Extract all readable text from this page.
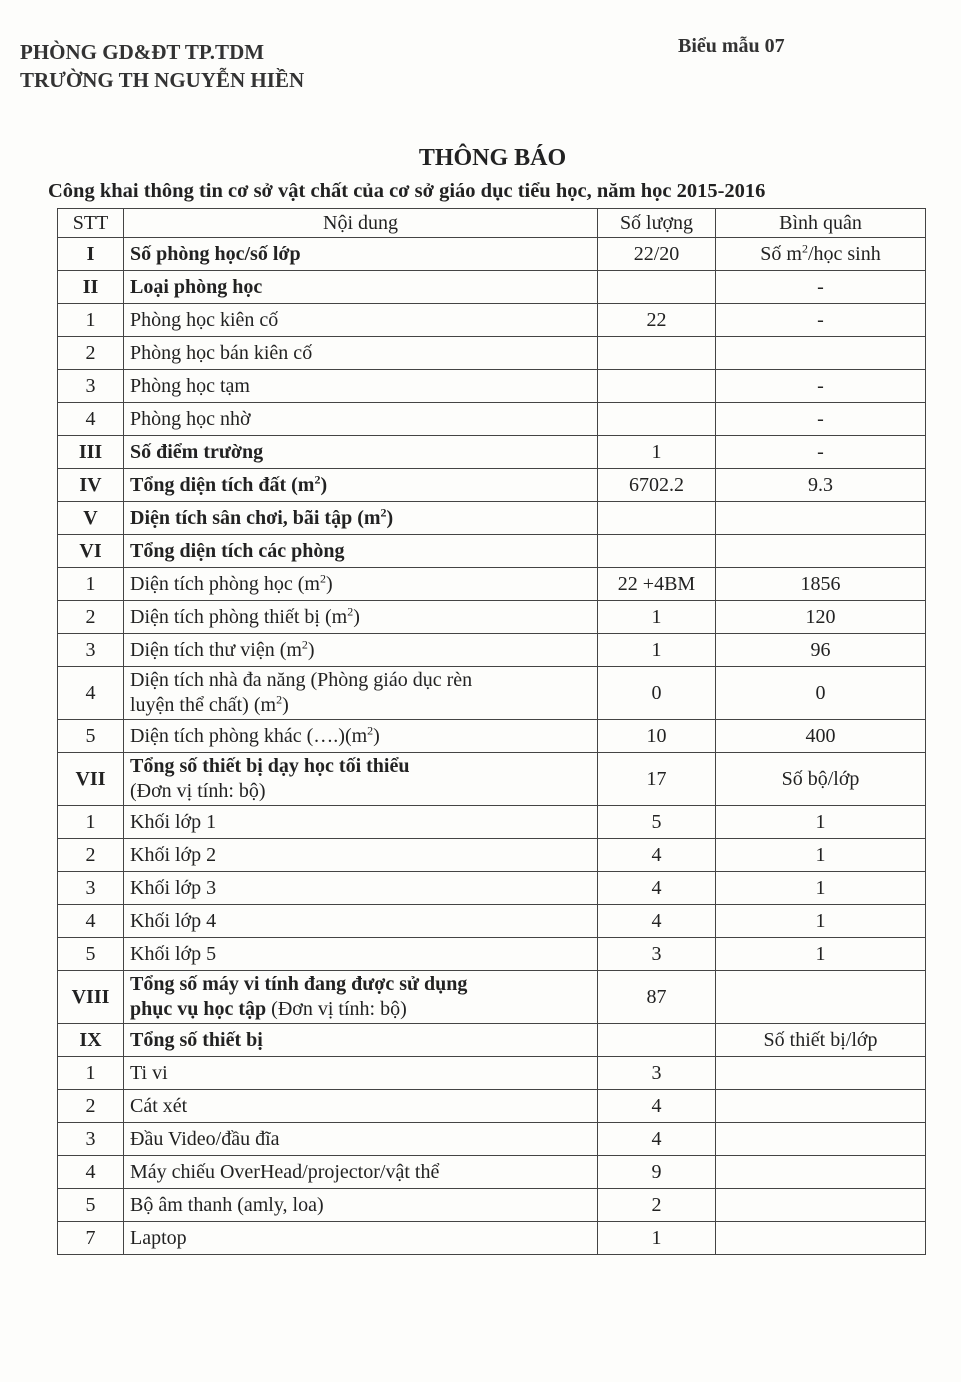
PHÒNG GD&ĐT TP.TDM
TRƯỜNG TH NGUYỄN HIỀN
Biểu mẫu 07
THÔNG BÁO
Công khai thông tin cơ sở vật chất của cơ sở giáo dục tiểu học, năm học 2015-2016
STT	Nội dung	Số lượng	Bình quân
I	Số phòng học/số lớp	22/20	Số $m^2$/học sinh
II	Loại phòng học		-
1	Phòng học kiên cố	22	-
2	Phòng học bán kiên cố		
3	Phòng học tạm		-
4	Phòng học nhờ		-
III	Số điểm trường	1	-
IV	Tổng diện tích đất $(m^2)$	6702.2	9.3
V	Diện tích sân chơi, bãi tập $(m^2)$		
VI	Tổng diện tích các phòng		
1	Diện tích phòng học $(m^2)$	22 +4BM	1856
2	Diện tích phòng thiết bị $(m^2)$	1	120
3	Diện tích thư viện $(m^2)$	1	96
4	Diện tích nhà đa năng (Phòng giáo dục rèn
luyện thể chất) $(m^2)$	0	0
5	Diện tích phòng khác $(\dots.)(m^2)$	10	400
VII	Tổng số thiết bị dạy học tối thiểu
(Đơn vị tính: bộ)	17	Số bộ/lớp
1	Khối lớp 1	5	1
2	Khối lớp 2	4	1
3	Khối lớp 3	4	1
4	Khối lớp 4	4	1
5	Khối lớp 5	3	1
VIII	Tổng số máy vi tính đang được sử dụng
phục vụ học tập (Đơn vị tính: bộ)	87	
IX	Tổng số thiết bị		Số thiết bị/lớp
1	Ti vi	3	
2	Cát xét	4	
3	Đầu Video/đầu đĩa	4	
4	Máy chiếu OverHead/projector/vật thể	9	
5	Bộ âm thanh (amly, loa)	2	
7	Laptop	1	
